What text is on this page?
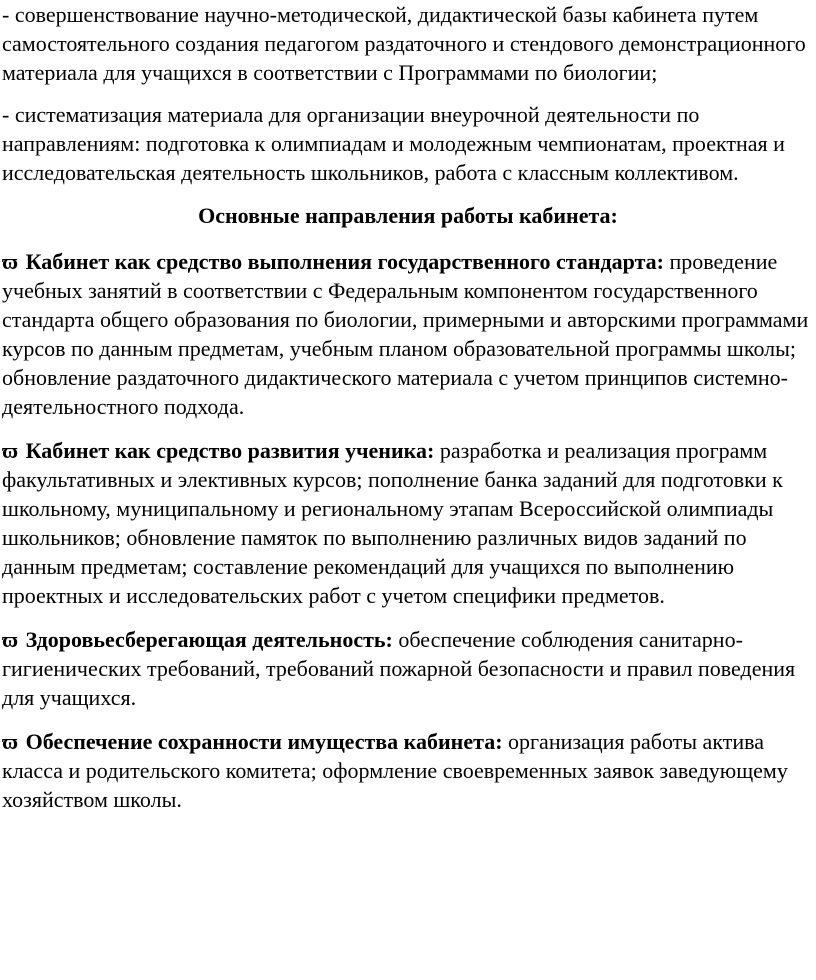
- совершенствование научно-методической, дидактической базы кабинета путем самостоятельного создания педагогом раздаточного и стендового демонстрационного материала для учащихся в соответствии с Программами по биологии;

- систематизация материала для организации внеурочной деятельности по направлениям: подготовка к олимпиадам и молодежным чемпионатам, проектная и исследовательская деятельность школьников, работа с классным коллективом.

Основные направления работы кабинета:

ϖ Кабинет как средство выполнения государственного стандарта: проведение учебных занятий в соответствии с Федеральным компонентом государственного стандарта общего образования по биологии, примерными и авторскими программами курсов по данным предметам, учебным планом образовательной программы школы; обновление раздаточного дидактического материала с учетом принципов системно-деятельностного подхода.

ϖ Кабинет как средство развития ученика: разработка и реализация программ факультативных и элективных курсов; пополнение банка заданий для подготовки к школьному, муниципальному и региональному этапам Всероссийской олимпиады школьников; обновление памяток по выполнению различных видов заданий по данным предметам; составление рекомендаций для учащихся по выполнению проектных и исследовательских работ с учетом специфики предметов.

ϖ Здоровьесберегающая деятельность: обеспечение соблюдения санитарно-гигиенических требований, требований пожарной безопасности и правил поведения для учащихся.

ϖ Обеспечение сохранности имущества кабинета: организация работы актива класса и родительского комитета; оформление своевременных заявок заведующему хозяйством школы.
